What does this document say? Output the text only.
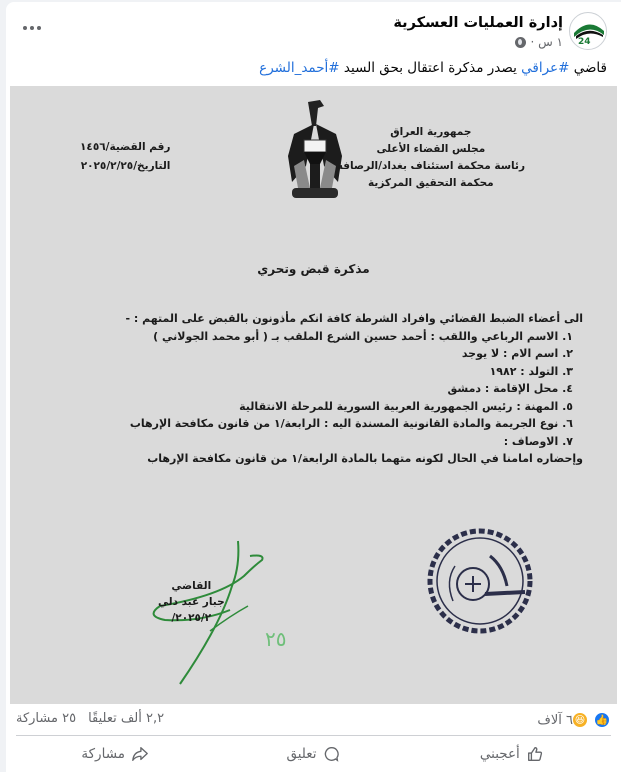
24
إدارة العمليات العسكرية
١ س ·
قاضي #عراقي يصدر مذكرة اعتقال بحق السيد #أحمد_الشرع
جمهورية العراق
مجلس القضاء الأعلى
رئاسة محكمة استئناف بغداد/الرصافة
محكمة التحقيق المركزية
رقم القضية/١٤٥٦
التاريخ/٢٠٢٥/٢/٢٥
مذكرة قبض وتحري
الى أعضاء الضبط القضائي وافراد الشرطة كافة انكم مأذونون بالقبض على المتهم : -
١. الاسم الرباعي واللقب : أحمد حسين الشرع الملقب بـ ( أبو محمد الجولاني )
٢. اسم الام : لا يوجد
٣. التولد : ١٩٨٢
٤. محل الإقامة : دمشق
٥. المهنة : رئيس الجمهورية العربية السورية للمرحلة الانتقالية
٦. نوع الجريمة والمادة القانونية المسندة اليه : الرابعة/١ من قانون مكافحة الإرهاب
٧. الاوصاف :
وإحضاره امامنا في الحال لكونه متهما بالمادة الرابعة/١ من قانون مكافحة الإرهاب
٢٥
القاضي
جبار عبد دلي
٢٠٢٥/٢/
👍
😆
٦ آلاف
٢,٢ ألف تعليقًا
٢٥ مشاركة
أعجبني
تعليق
مشاركة
